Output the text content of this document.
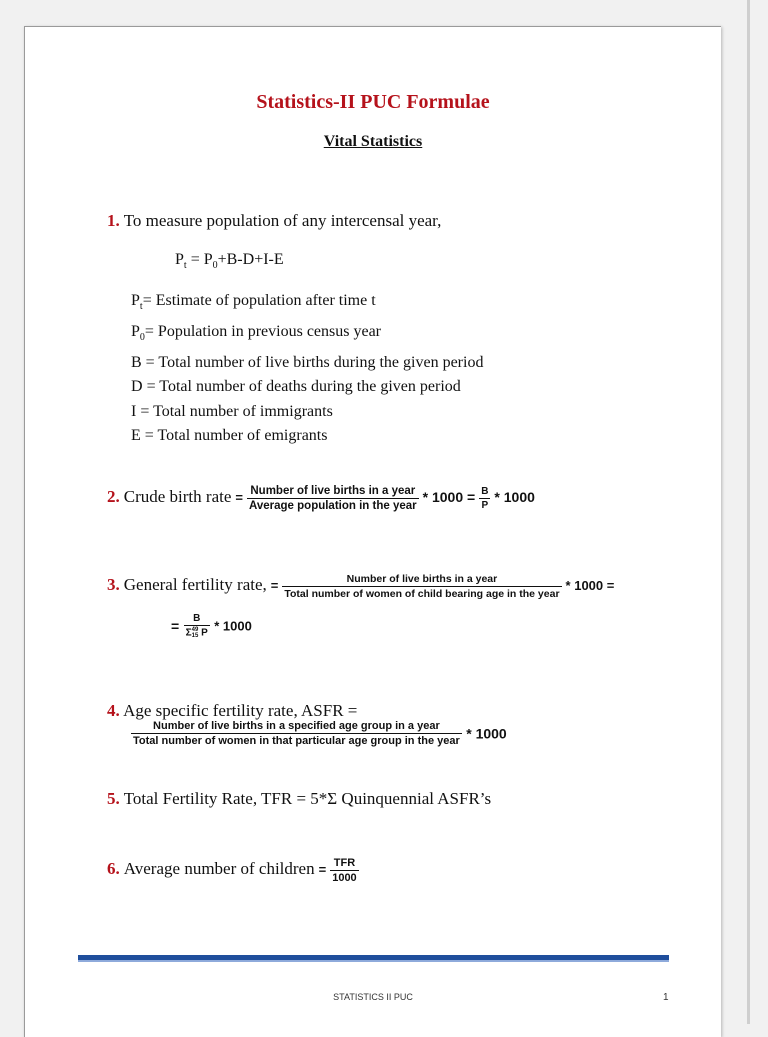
Statistics-II PUC Formulae
Vital Statistics
1. To measure population of any intercensal year,
$P_t = P_0+B-D+I-E$
$P_t=$ Estimate of population after time t
$P_0=$ Population in previous census year
B = Total number of live births during the given period
D = Total number of deaths during the given period
I = Total number of immigrants
E = Total number of emigrants
2. Crude birth rate = $\frac{\text{Number of live births in a year}}{\text{Average population in the year}} * 1000 = \frac{B}{P} * 1000$
3. General fertility rate, = $\frac{\text{Number of live births in a year}}{\text{Total number of women of child bearing age in the year}} * 1000$ =
= B
Σ 49
15 P * 1000
4. Age specific fertility rate, ASFR =
Number of live births in a specified age group in a year
Total number of women in that particular age group in the year * 1000
5. Total Fertility Rate, TFR = 5*Σ Quinquennial ASFR’s
6. Average number of children = $\frac{\text{TFR}}{1000}$
STATISTICS II PUC	1
